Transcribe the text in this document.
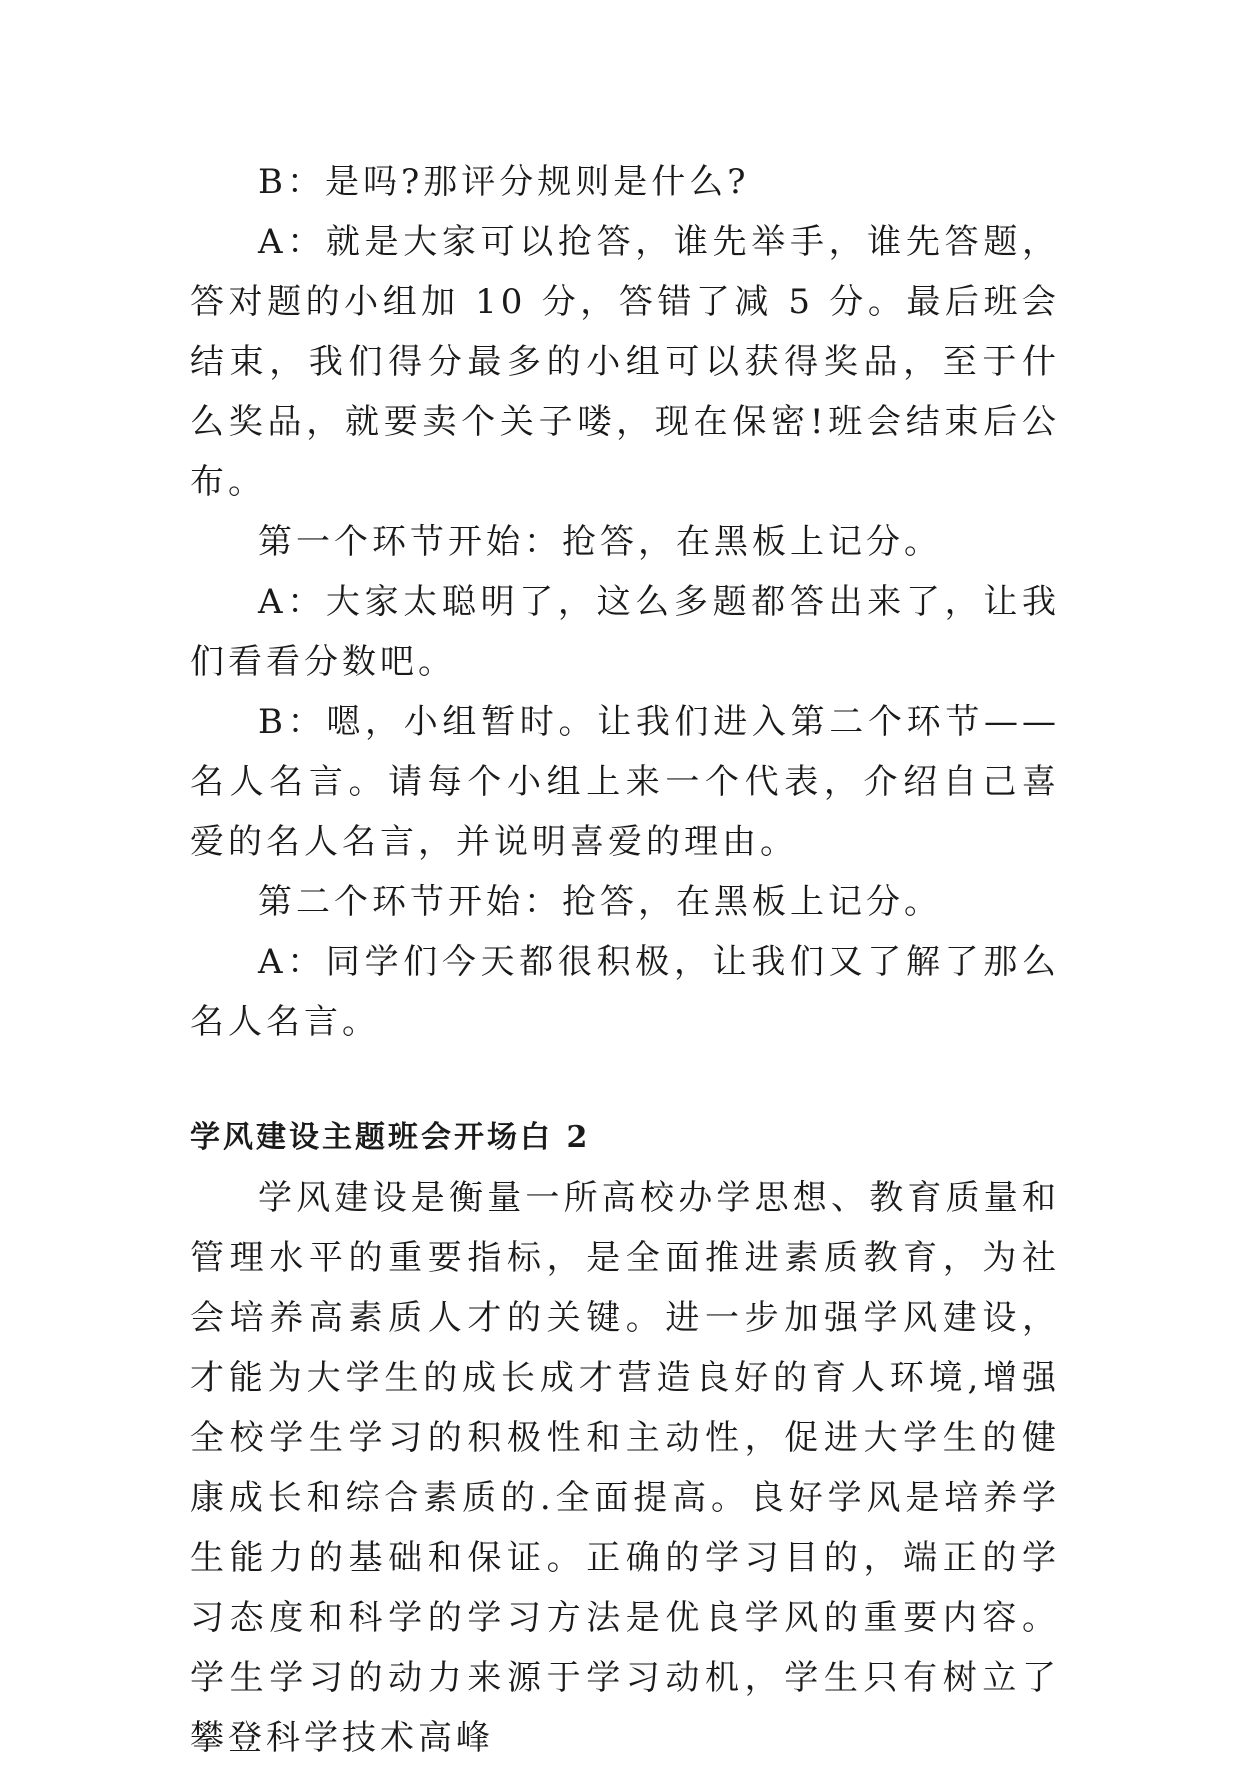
B：是吗?那评分规则是什么?

A：就是大家可以抢答，谁先举手，谁先答题，答对题的小组加 10 分，答错了减 5 分。最后班会结束，我们得分最多的小组可以获得奖品，至于什么奖品，就要卖个关子喽，现在保密!班会结束后公布。

第一个环节开始：抢答，在黑板上记分。

A：大家太聪明了，这么多题都答出来了，让我们看看分数吧。

B：嗯，小组暂时。让我们进入第二个环节——名人名言。请每个小组上来一个代表，介绍自己喜爱的名人名言，并说明喜爱的理由。

第二个环节开始：抢答，在黑板上记分。

A：同学们今天都很积极，让我们又了解了那么名人名言。

学风建设主题班会开场白 2

学风建设是衡量一所高校办学思想、教育质量和管理水平的重要指标，是全面推进素质教育，为社会培养高素质人才的关键。进一步加强学风建设，才能为大学生的成长成才营造良好的育人环境,增强全校学生学习的积极性和主动性，促进大学生的健康成长和综合素质的.全面提高。良好学风是培养学生能力的基础和保证。正确的学习目的，端正的学习态度和科学的学习方法是优良学风的重要内容。学生学习的动力来源于学习动机，学生只有树立了攀登科学技术高峰
